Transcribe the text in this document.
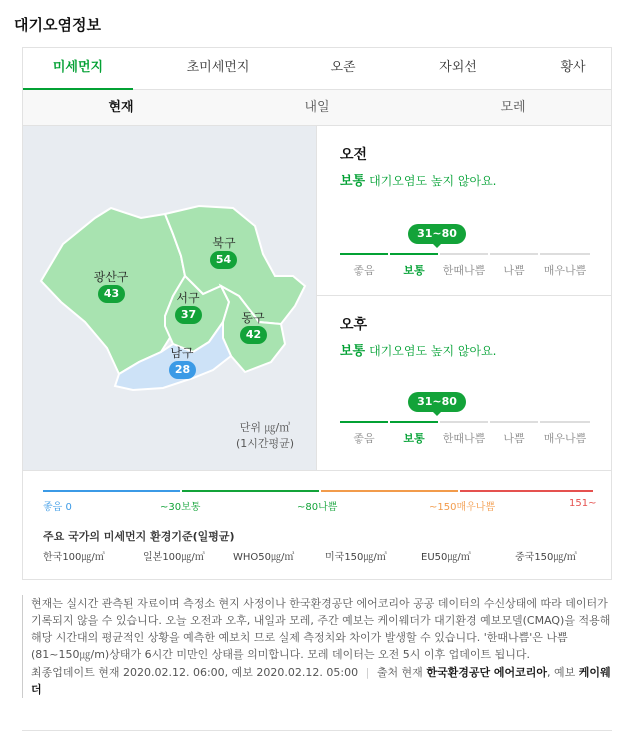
대기오염정보
미세먼지	초미세먼지	오존	자외선	황사
현재	내일	모레
광산구
43
북구
54
서구
37	동구
42
남구
28
단위 ㎍/㎥
(1시간평균)
오전
보통 대기오염도 높지 않아요.
31~80
좋음	보통	한때나쁨	나쁨	매우나쁨
오후
보통 대기오염도 높지 않아요.
31~80
좋음	보통	한때나쁨	나쁨	매우나쁨
좋음 0	~30보통	~80나쁨	~150매우나쁨	151~
주요 국가의 미세먼지 환경기준(일평균)
한국100㎍/㎥	일본100㎍/㎥	WHO50㎍/㎥	미국150㎍/㎥	EU50㎍/㎥	중국150㎍/㎥

현재는 실시간 관측된 자료이며 측정소 현지 사정이나 한국환경공단 에어코리아 공공 데이터의 수신상태에 따라 데이터가 기록되지 않을 수 있습니다. 오늘 오전과 오후, 내일과 모레, 주간 예보는 케이웨더가 대기환경 예보모델(CMAQ)을 적용해 해당 시간대의 평균적인 상황을 예측한 예보치 므로 실제 측정치와 차이가 발생할 수 있습니다. '한때나쁨'은 나쁨(81~150㎍/m)상태가 6시간 미만인 상태를 의미합니다. 모레 데이터는 오전 5시 이후 업데이트 됩니다.

최종업데이트 현재 2020.02.12. 06:00, 예보 2020.02.12. 05:00 | 출처 현재 한국환경공단 에어코리아, 예보 케이웨더
